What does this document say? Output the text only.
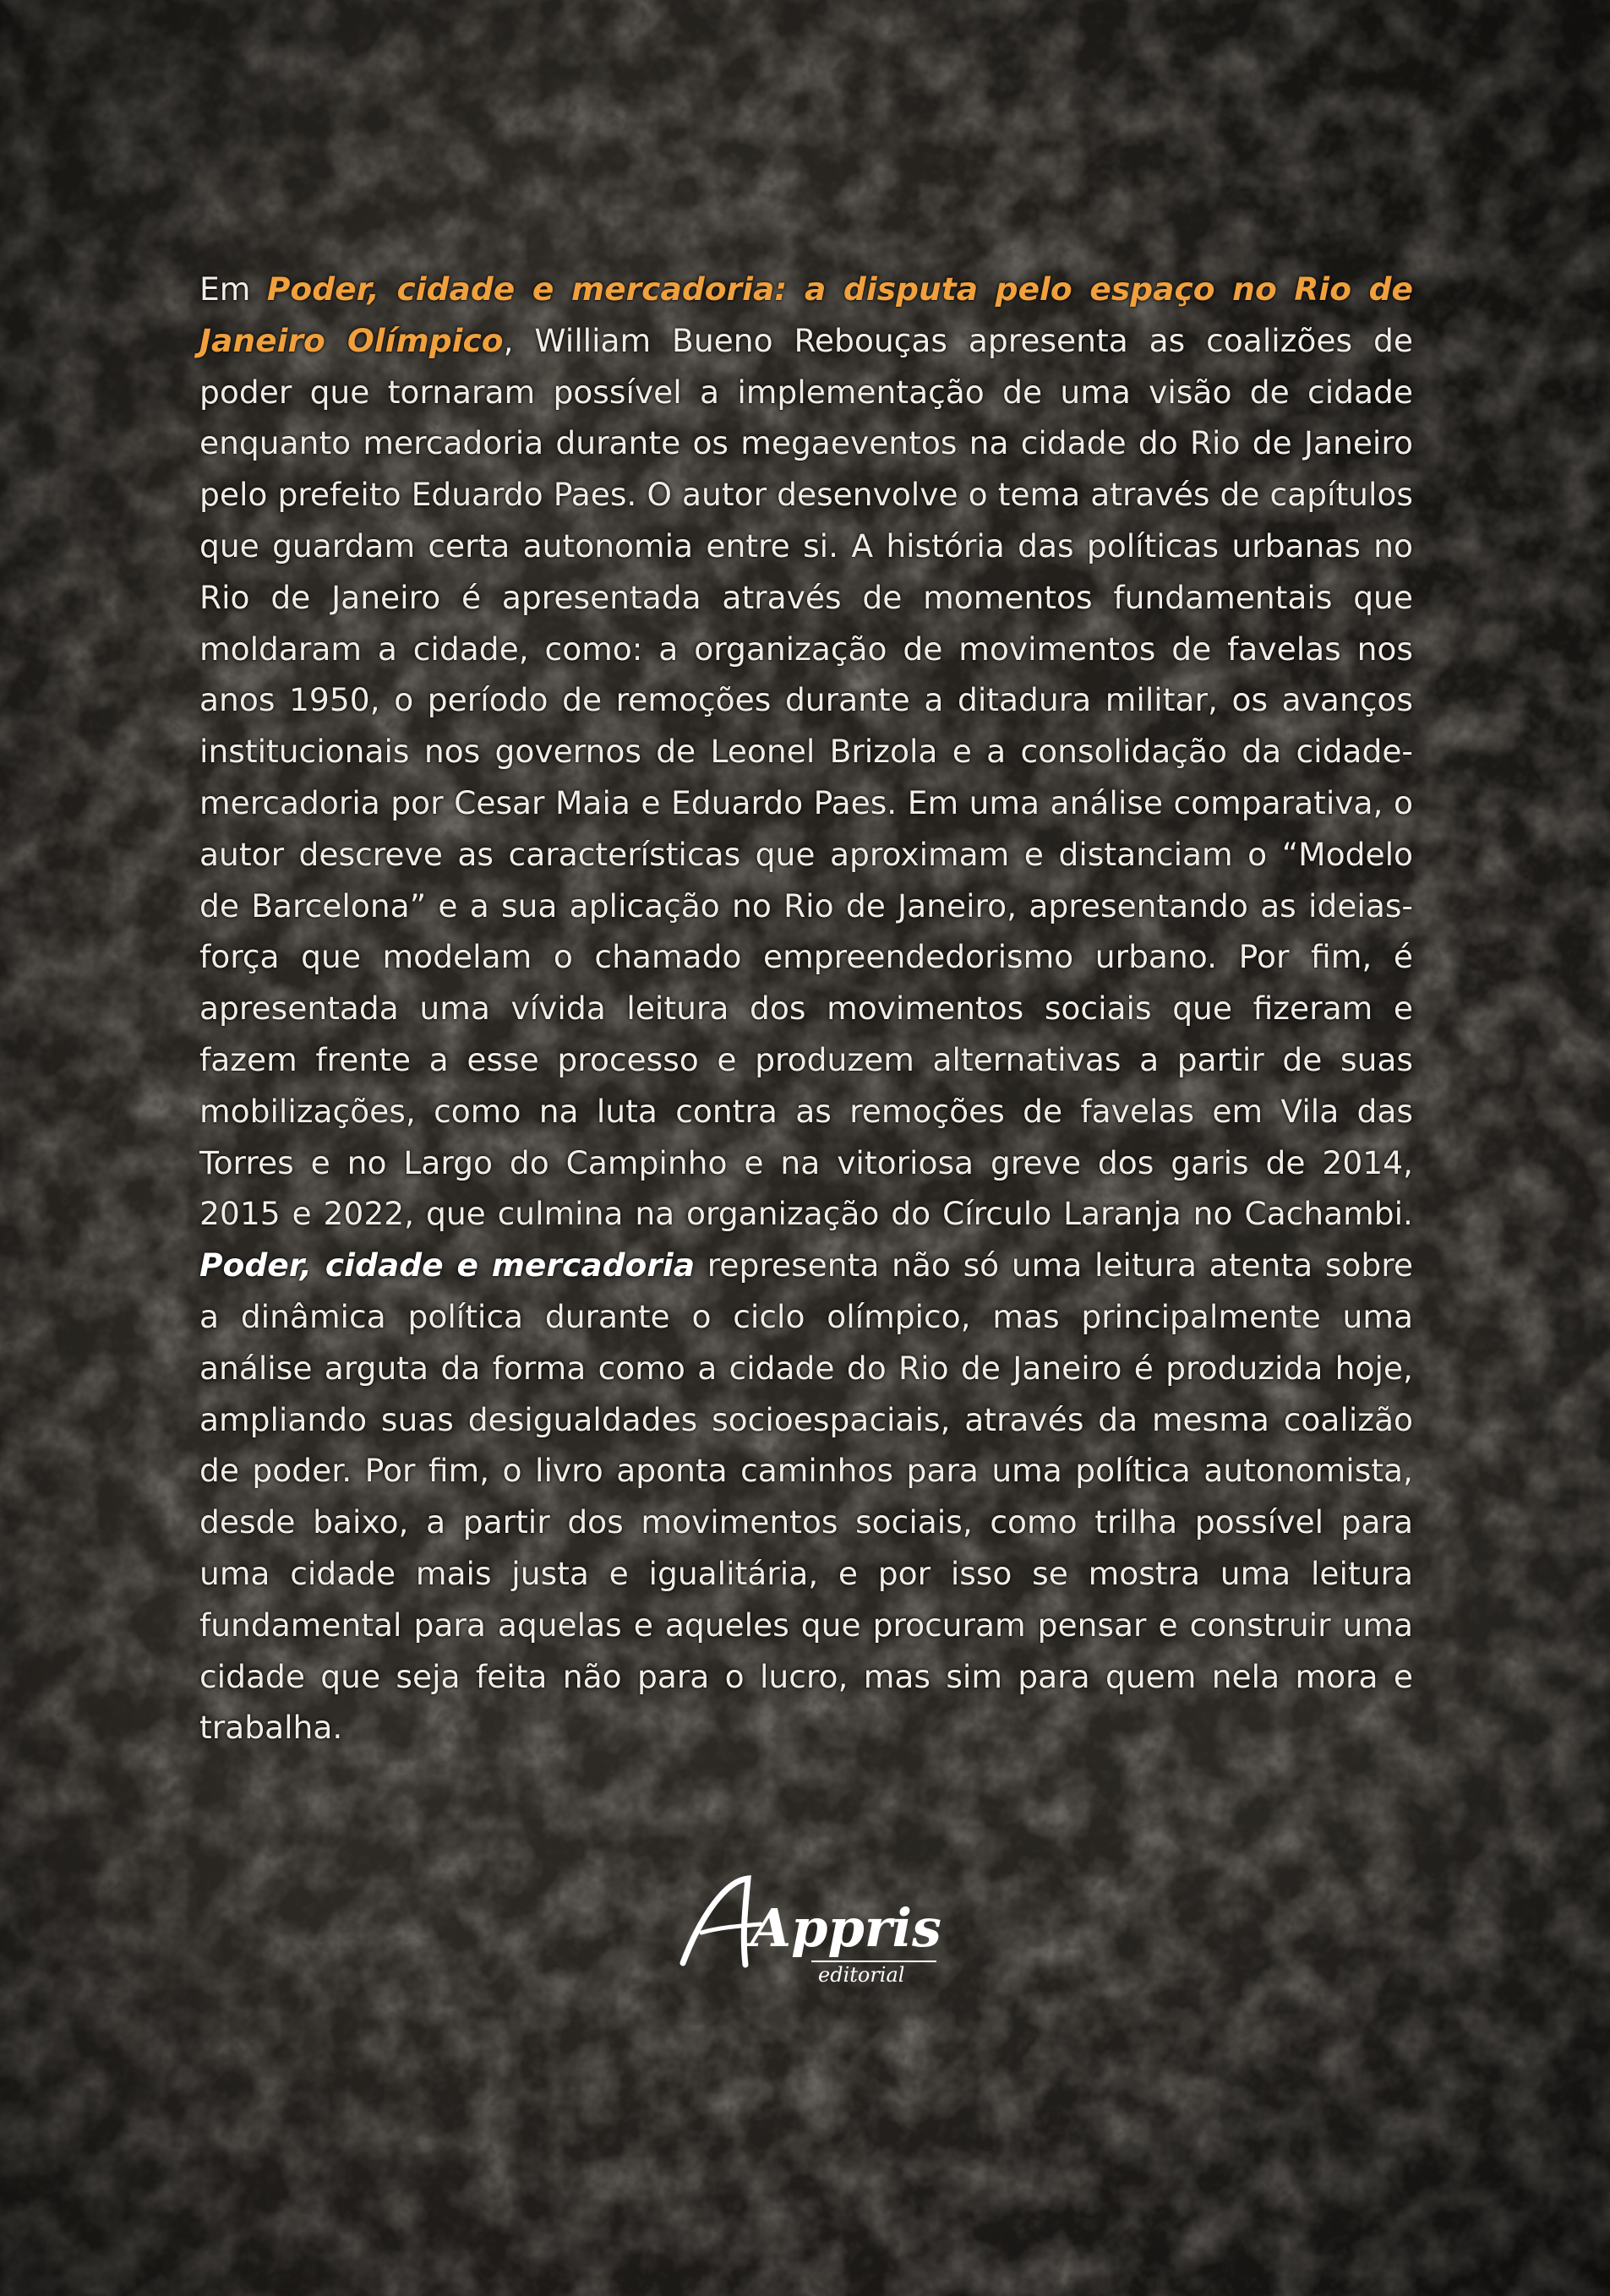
Em Poder, cidade e mercadoria: a disputa pelo espaço no Rio de Janeiro Olímpico, William Bueno Rebouças apresenta as coalizões de poder que tornaram possível a implementação de uma visão de cidade enquanto mercadoria durante os megaeventos na cidade do Rio de Janeiro pelo prefeito Eduardo Paes. O autor desenvolve o tema através de capítulos que guardam certa autonomia entre si. A história das políticas urbanas no Rio de Janeiro é apresentada através de momentos fundamentais que moldaram a cidade, como: a organização de movimentos de favelas nos anos 1950, o período de remoções durante a ditadura militar, os avanços institucionais nos governos de Leonel Brizola e a consolidação da cidade-mercadoria por Cesar Maia e Eduardo Paes. Em uma análise comparativa, o autor descreve as características que aproximam e distanciam o “Modelo de Barcelona” e a sua aplicação no Rio de Janeiro, apresentando as ideias-força que modelam o chamado empreendedorismo urbano. Por fim, é apresentada uma vívida leitura dos movimentos sociais que fizeram e fazem frente a esse processo e produzem alternativas a partir de suas mobilizações, como na luta contra as remoções de favelas em Vila das Torres e no Largo do Campinho e na vitoriosa greve dos garis de 2014, 2015 e 2022, que culmina na organização do Círculo Laranja no Cachambi. Poder, cidade e mercadoria representa não só uma leitura atenta sobre a dinâmica política durante o ciclo olímpico, mas principalmente uma análise arguta da forma como a cidade do Rio de Janeiro é produzida hoje, ampliando suas desigualdades socioespaciais, através da mesma coalizão de poder. Por fim, o livro aponta caminhos para uma política autonomista, desde baixo, a partir dos movimentos sociais, como trilha possível para uma cidade mais justa e igualitária, e por isso se mostra uma leitura fundamental para aquelas e aqueles que procuram pensar e construir uma cidade que seja feita não para o lucro, mas sim para quem nela mora e trabalha.
Appris
editorial
